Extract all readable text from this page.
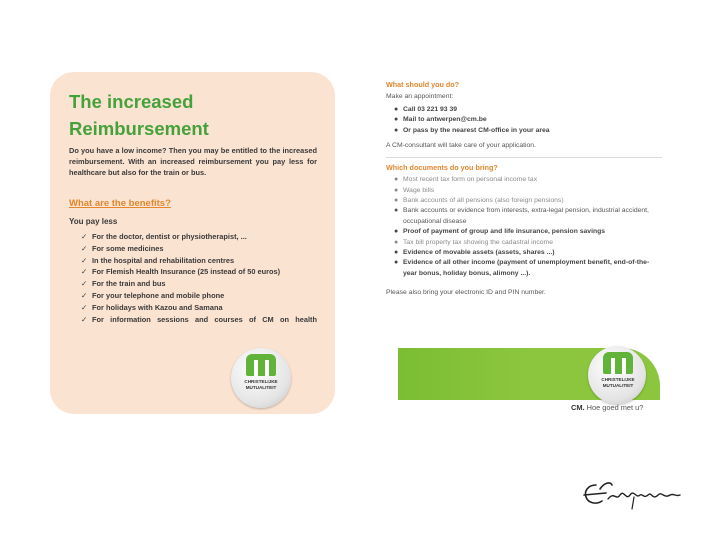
The increased
Reimbursement

Do you have a low income? Then you may be entitled to the increased reimbursement. With an increased reimbursement you pay less for healthcare but also for the train or bus.

What are the benefits?

You pay less

✓ For the doctor, dentist or physiotherapist, ...
✓ For some medicines
✓ In the hospital and rehabilitation centres
✓ For Flemish Health Insurance (25 instead of 50 euros)
✓ For the train and bus
✓ For your telephone and mobile phone
✓ For holidays with Kazou and Samana
✓ For information sessions and courses of CM on health
CHRISTELIJKE
MUTUALITEIT

What should you do?

Make an appointment:

● Call 03 221 93 39
● Mail to antwerpen@cm.be
● Or pass by the nearest CM-office in your area

A CM-consultant will take care of your application.

Which documents do you bring?

● Most recent tax form on personal income tax
● Wage bills
● Bank accounts of all pensions (also foreign pensions)
● Bank accounts or evidence from interests, extra-legal pension, industrial accident, occupational disease
● Proof of payment of group and life insurance, pension savings
● Tax bill property tax showing the cadastral income
● Evidence of movable assets (assets, shares ...)
● Evidence of all other income (payment of unemployment benefit, end-of-the-year bonus, holiday bonus, alimony ...).

Please also bring your electronic ID and PIN number.

CHRISTELIJKE
MUTUALITEIT
CM. Hoe goed met u?
